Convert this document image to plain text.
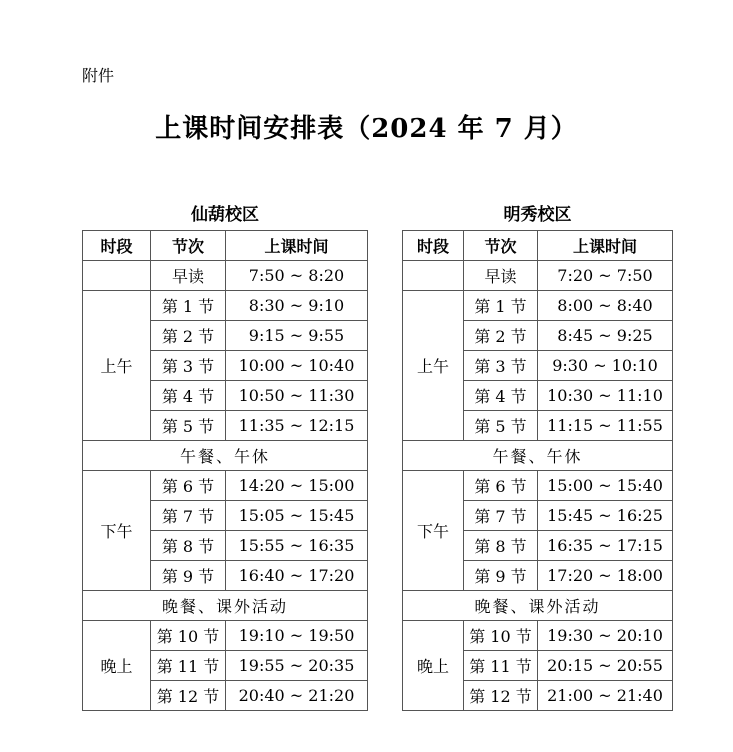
附件
上课时间安排表（2024 年 7 月）
仙葫校区
时段	节次	上课时间
	早读	7:50 ~ 8:20
上午	第 1 节	8:30 ~ 9:10
	第 2 节	9:15 ~ 9:55
	第 3 节	10:00 ~ 10:40
	第 4 节	10:50 ~ 11:30
	第 5 节	11:35 ~ 12:15
午餐、午休		
下午	第 6 节	14:20 ~ 15:00
	第 7 节	15:05 ~ 15:45
	第 8 节	15:55 ~ 16:35
	第 9 节	16:40 ~ 17:20
晚餐、课外活动		
晚上	第 10 节	19:10 ~ 19:50
	第 11 节	19:55 ~ 20:35
	第 12 节	20:40 ~ 21:20
明秀校区
时段	节次	上课时间
	早读	7:20 ~ 7:50
上午	第 1 节	8:00 ~ 8:40
	第 2 节	8:45 ~ 9:25
	第 3 节	9:30 ~ 10:10
	第 4 节	10:30 ~ 11:10
	第 5 节	11:15 ~ 11:55
午餐、午休		
下午	第 6 节	15:00 ~ 15:40
	第 7 节	15:45 ~ 16:25
	第 8 节	16:35 ~ 17:15
	第 9 节	17:20 ~ 18:00
晚餐、课外活动		
晚上	第 10 节	19:30 ~ 20:10
	第 11 节	20:15 ~ 20:55
	第 12 节	21:00 ~ 21:40
